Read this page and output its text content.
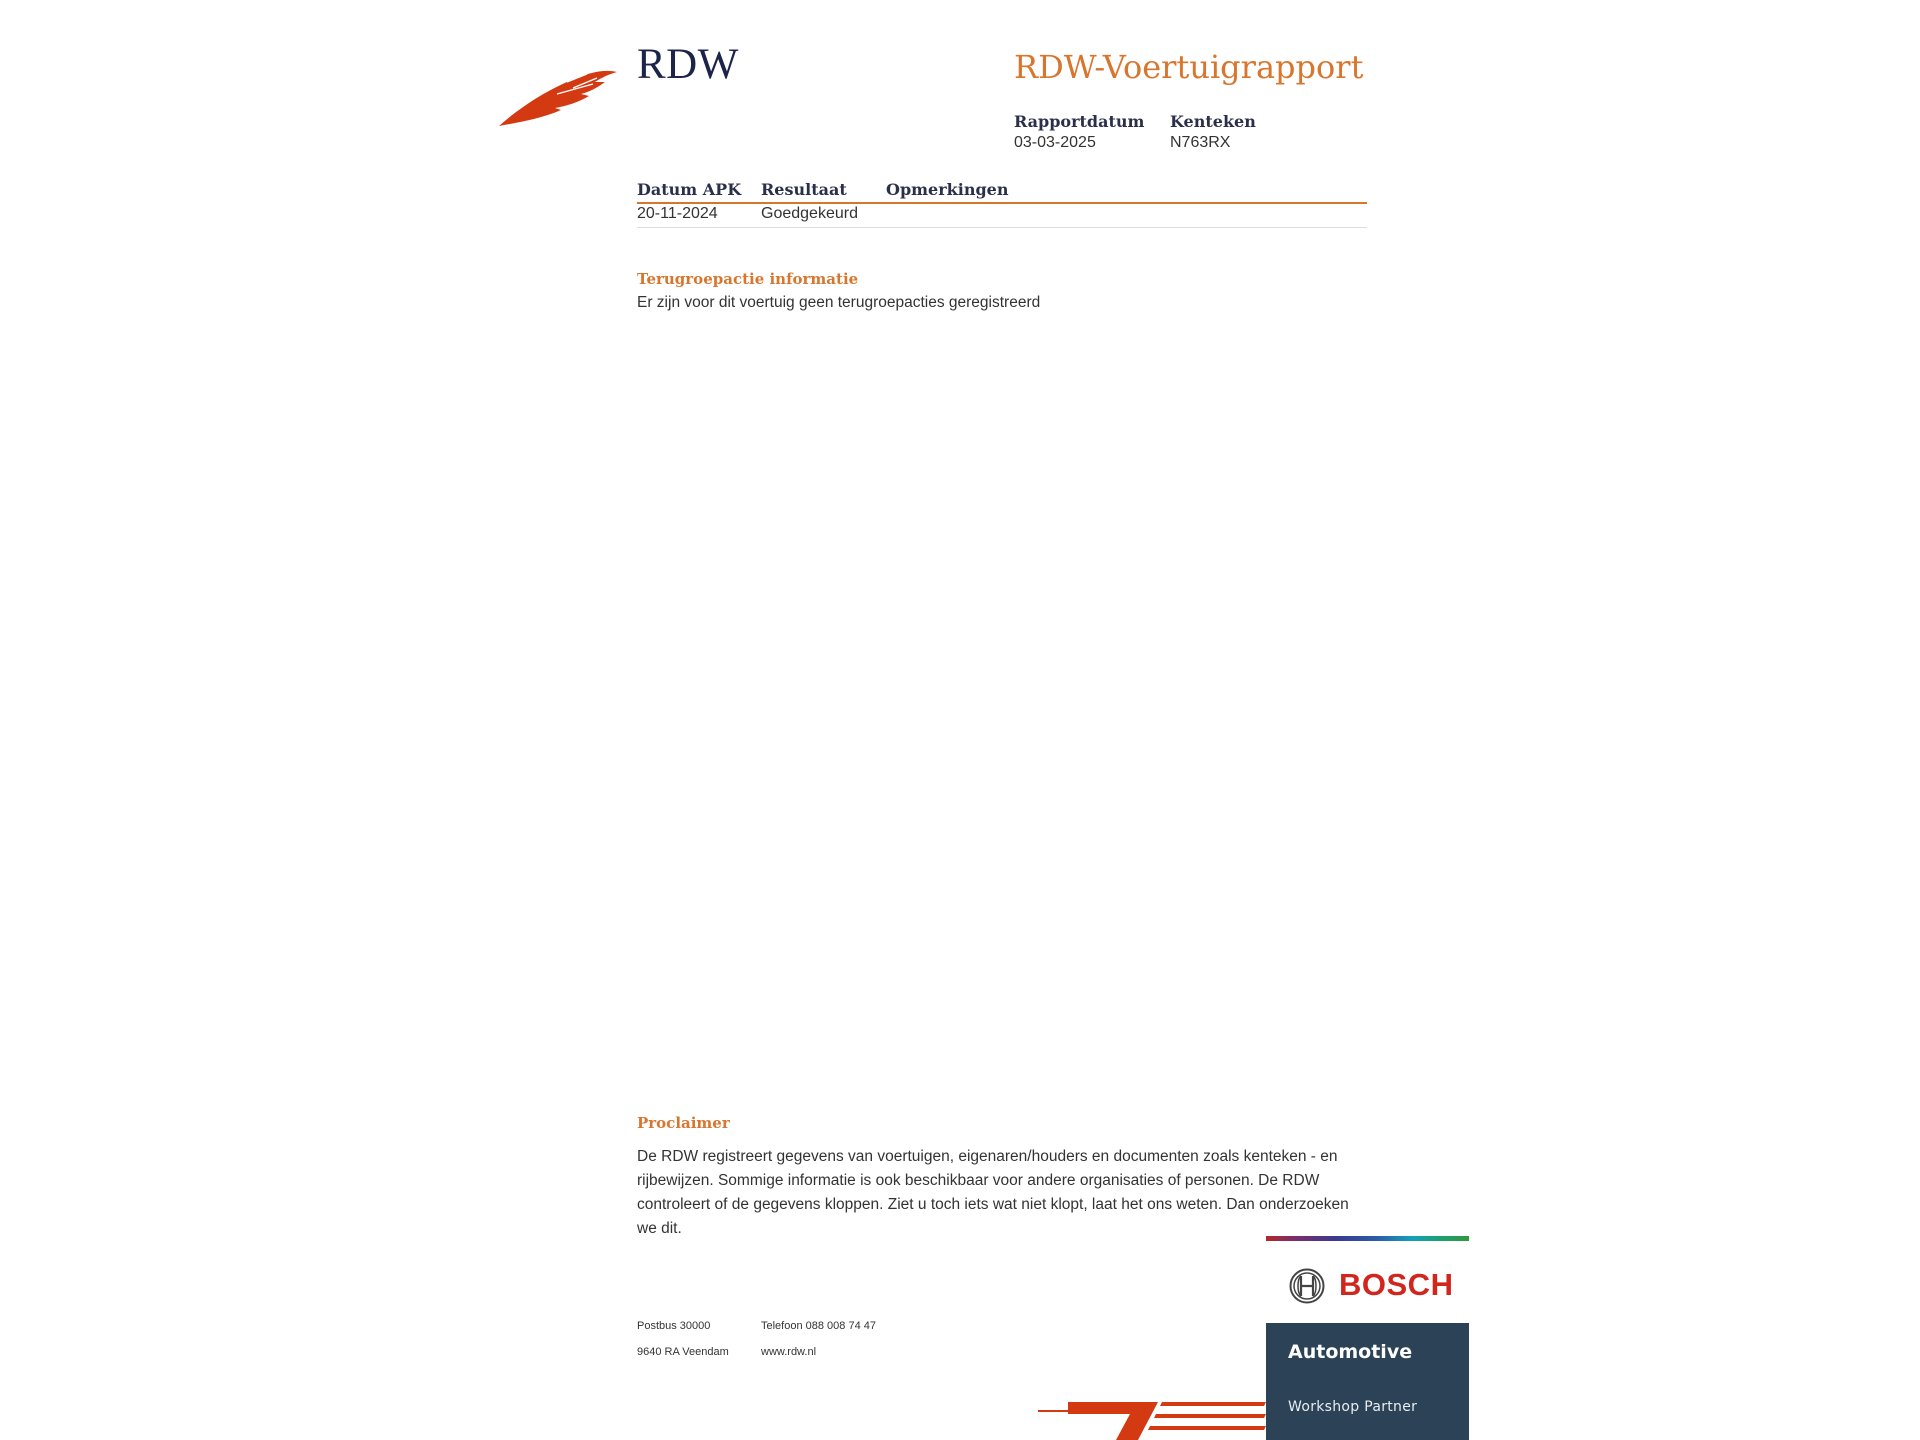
RDW	RDW-Voertuigrapport
Rapportdatum
03-03-2025
Kenteken
N763RX
Datum APK Resultaat Opmerkingen
20-11-2024	Goedgekeurd
Terugroepactie informatie
Er zijn voor dit voertuig geen terugroepacties geregistreerd
Proclaimer
De RDW registreert gegevens van voertuigen, eigenaren/houders en documenten zoals kenteken - en rijbewijzen. Sommige informatie is ook beschikbaar voor andere organisaties of personen. De RDW controleert of de gegevens kloppen. Ziet u toch iets wat niet klopt, laat het ons weten. Dan onderzoeken we dit.
Postbus 30000
9640 RA Veendam
Telefoon 088 008 74 47
www.rdw.nl
BOSCH
Automotive
Workshop Partner
